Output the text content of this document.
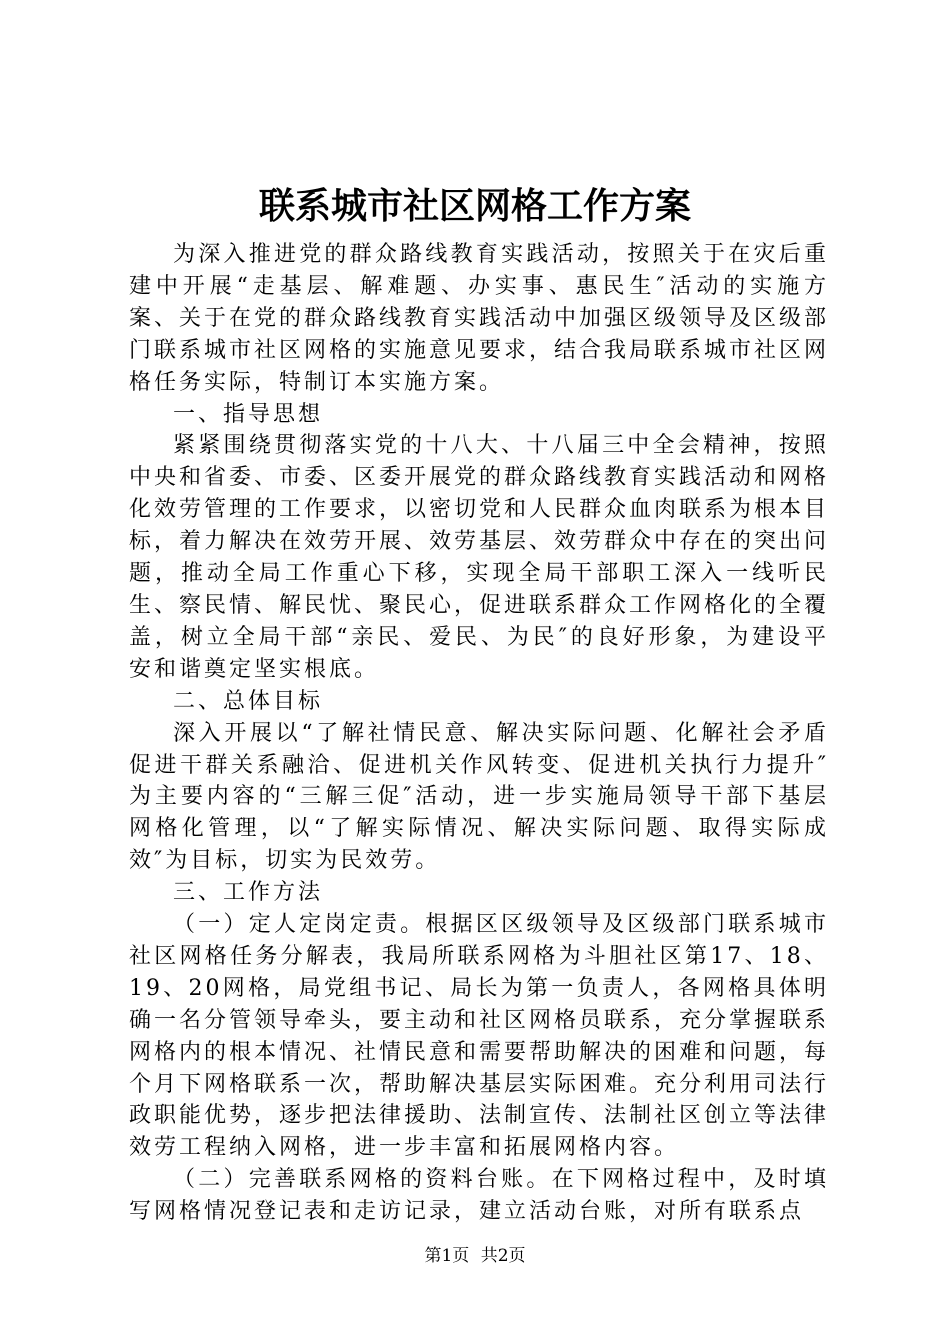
联系城市社区网格工作方案

为深入推进党的群众路线教育实践活动，按照关于在灾后重建中开展“走基层、解难题、办实事、惠民生″活动的实施方案、关于在党的群众路线教育实践活动中加强区级领导及区级部门联系城市社区网格的实施意见要求，结合我局联系城市社区网格任务实际，特制订本实施方案。

一、指导思想

紧紧围绕贯彻落实党的十八大、十八届三中全会精神，按照中央和省委、市委、区委开展党的群众路线教育实践活动和网格化效劳管理的工作要求，以密切党和人民群众血肉联系为根本目标，着力解决在效劳开展、效劳基层、效劳群众中存在的突出问题，推动全局工作重心下移，实现全局干部职工深入一线听民生、察民情、解民忧、聚民心，促进联系群众工作网格化的全覆盖，树立全局干部“亲民、爱民、为民″的良好形象，为建设平安和谐奠定坚实根底。

二、总体目标

深入开展以“了解社情民意、解决实际问题、化解社会矛盾促进干群关系融洽、促进机关作风转变、促进机关执行力提升″为主要内容的“三解三促″活动，进一步实施局领导干部下基层网格化管理，以“了解实际情况、解决实际问题、取得实际成效″为目标，切实为民效劳。

三、工作方法

（一）定人定岗定责。根据区区级领导及区级部门联系城市社区网格任务分解表，我局所联系网格为斗胆社区第17、18、19、20网格，局党组书记、局长为第一负责人，各网格具体明确一名分管领导牵头，要主动和社区网格员联系，充分掌握联系网格内的根本情况、社情民意和需要帮助解决的困难和问题，每个月下网格联系一次，帮助解决基层实际困难。充分利用司法行政职能优势，逐步把法律援助、法制宣传、法制社区创立等法律效劳工程纳入网格，进一步丰富和拓展网格内容。

（二）完善联系网格的资料台账。在下网格过程中，及时填写网格情况登记表和走访记录，建立活动台账，对所有联系点

第1页 共2页
